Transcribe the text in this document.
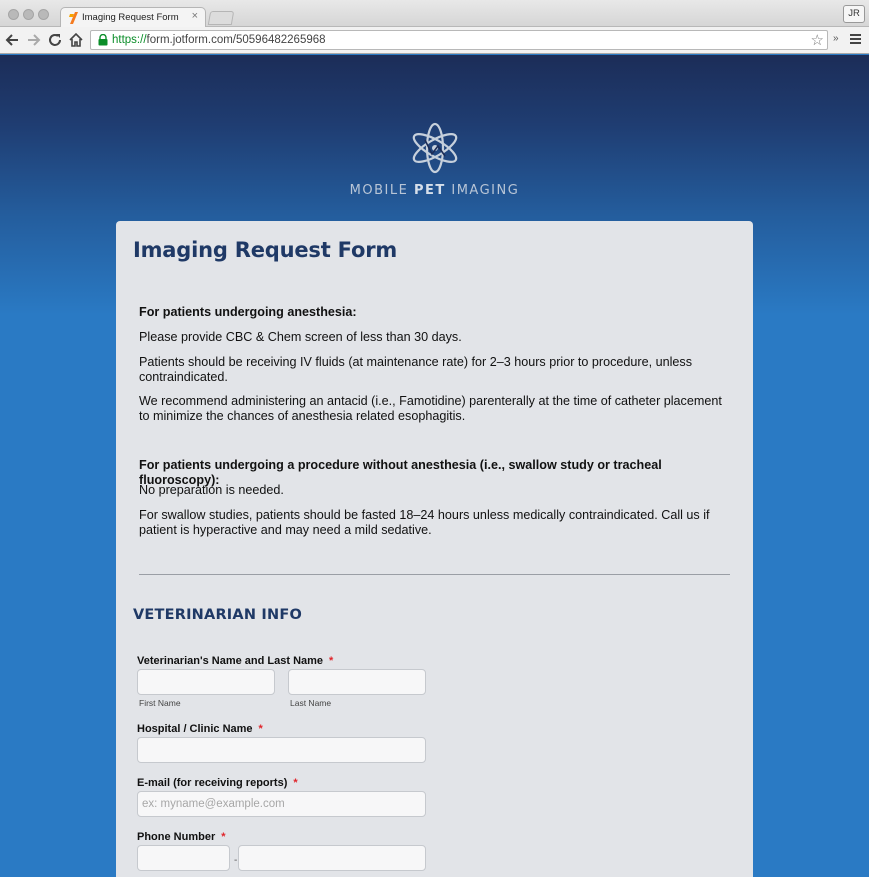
Imaging Request Form ×	JR
https://form.jotform.com/50596482265968	☆ »
MOBILE PET IMAGING
Imaging Request Form

For patients undergoing anesthesia:

Please provide CBC & Chem screen of less than 30 days.

Patients should be receiving IV fluids (at maintenance rate) for 2–3 hours prior to procedure, unless contraindicated.

We recommend administering an antacid (i.e., Famotidine) parenterally at the time of catheter placement to minimize the chances of anesthesia related esophagitis.

For patients undergoing a procedure without anesthesia (i.e., swallow study or tracheal fluoroscopy):

No preparation is needed.

For swallow studies, patients should be fasted 18–24 hours unless medically contraindicated. Call us if patient is hyperactive and may need a mild sedative.

VETERINARIAN INFO
Veterinarian's Name and Last Name *
First Name	Last Name
Hospital / Clinic Name *
E-mail (for receiving reports) *
ex: myname@example.com
Phone Number *
-
